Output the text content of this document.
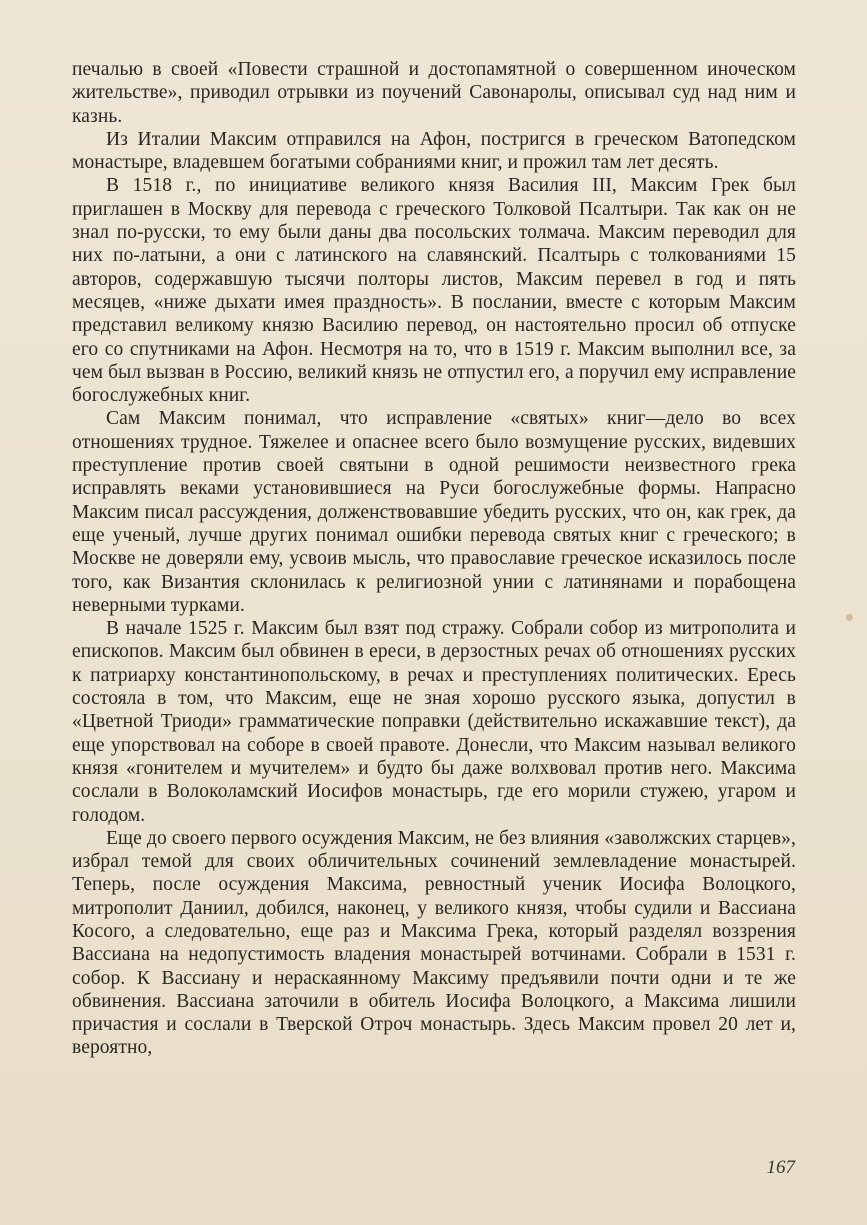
печалью в своей «Повести страшной и достопамятной о совершенном иноческом жительстве», приводил отрывки из поучений Савонаролы, описывал суд над ним и казнь.

Из Италии Максим отправился на Афон, постригся в греческом Ватопедском монастыре, владевшем богатыми собраниями книг, и прожил там лет десять.

В 1518 г., по инициативе великого князя Василия III, Максим Грек был приглашен в Москву для перевода с греческого Толковой Псалтыри. Так как он не знал по-русски, то ему были даны два посольских толмача. Максим переводил для них по-латыни, а они с латинского на славянский. Псалтырь с толкованиями 15 авторов, содержавшую тысячи полторы листов, Максим перевел в год и пять месяцев, «ниже дыхати имея праздность». В послании, вместе с которым Максим представил великому князю Василию перевод, он настоятельно просил об отпуске его со спутниками на Афон. Несмотря на то, что в 1519 г. Максим выполнил все, за чем был вызван в Россию, великий князь не отпустил его, а поручил ему исправление богослужебных книг.

Сам Максим понимал, что исправление «святых» книг—дело во всех отношениях трудное. Тяжелее и опаснее всего было возмущение русских, видевших преступление против своей святыни в одной решимости неизвестного грека исправлять веками установившиеся на Руси богослужебные формы. Напрасно Максим писал рассуждения, долженствовавшие убедить русских, что он, как грек, да еще ученый, лучше других понимал ошибки перевода святых книг с греческого; в Москве не доверяли ему, усвоив мысль, что православие греческое исказилось после того, как Византия склонилась к религиозной унии с латинянами и порабощена неверными турками.

В начале 1525 г. Максим был взят под стражу. Собрали собор из митрополита и епископов. Максим был обвинен в ереси, в дерзостных речах об отношениях русских к патриарху константинопольскому, в речах и преступлениях политических. Ересь состояла в том, что Максим, еще не зная хорошо русского языка, допустил в «Цветной Триоди» грамматические поправки (действительно искажавшие текст), да еще упорствовал на соборе в своей правоте. Донесли, что Максим называл великого князя «гонителем и мучителем» и будто бы даже волхвовал против него. Максима сослали в Волоколамский Иосифов монастырь, где его морили стужею, угаром и голодом.

Еще до своего первого осуждения Максим, не без влияния «заволжских старцев», избрал темой для своих обличительных сочинений землевладение монастырей. Теперь, после осуждения Максима, ревностный ученик Иосифа Волоцкого, митрополит Даниил, добился, наконец, у великого князя, чтобы судили и Вассиана Косого, а следовательно, еще раз и Максима Грека, который разделял воззрения Вассиана на недопустимость владения монастырей вотчинами. Собрали в 1531 г. собор. К Вассиану и нераскаянному Максиму предъявили почти одни и те же обвинения. Вассиана заточили в обитель Иосифа Волоцкого, а Максима лишили причастия и сослали в Тверской Отроч монастырь. Здесь Максим провел 20 лет и, вероятно,

167
